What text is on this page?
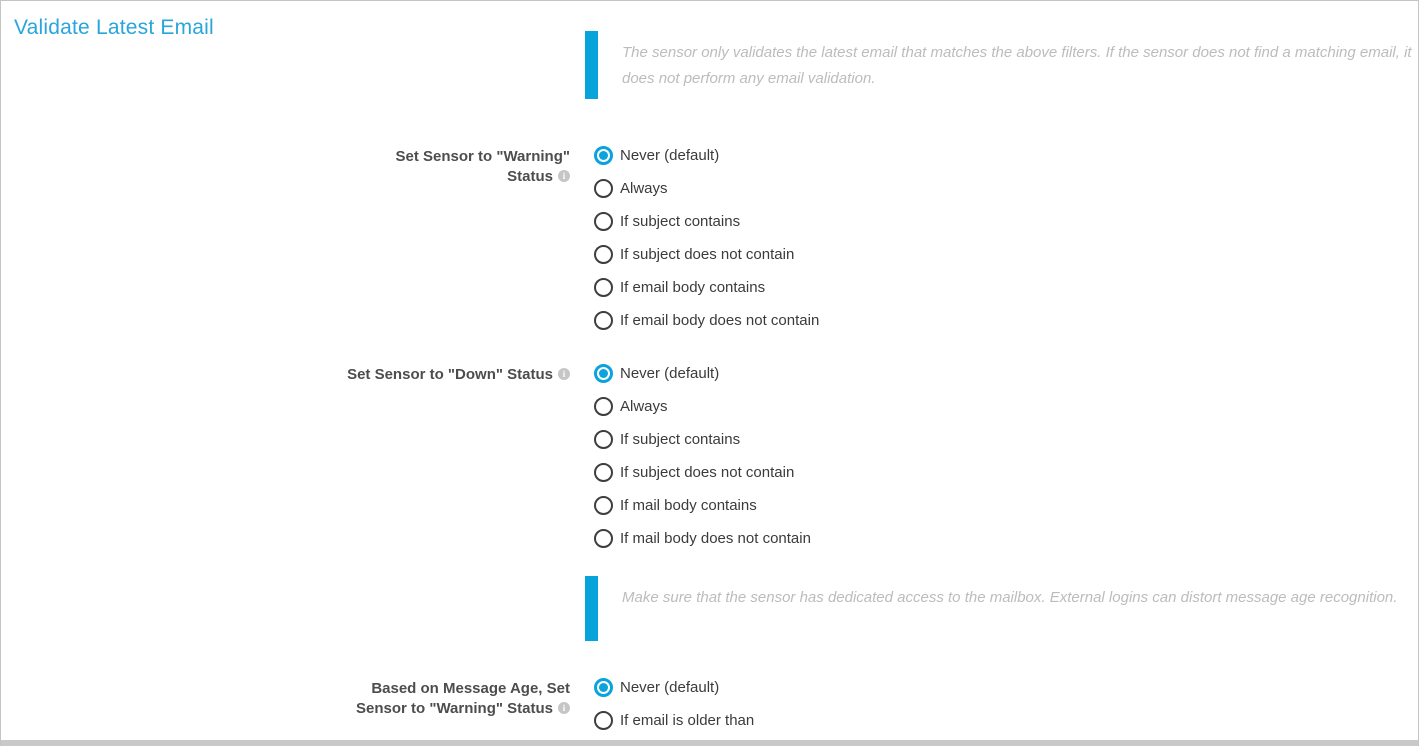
Validate Latest Email

The sensor only validates the latest email that matches the above filters. If the sensor does not find a matching email, it does not perform any email validation.

Set Sensor to "Warning"Status i
Never (default)
Always
If subject contains
If subject does not contain
If email body contains
If email body does not contain
Set Sensor to "Down" Status i	Never (default)
Always
If subject contains
If subject does not contain
If mail body contains
If mail body does not contain

Make sure that the sensor has dedicated access to the mailbox. External logins can distort message age recognition.

Based on Message Age, SetSensor to "Warning" Status i
Never (default)
If email is older than
